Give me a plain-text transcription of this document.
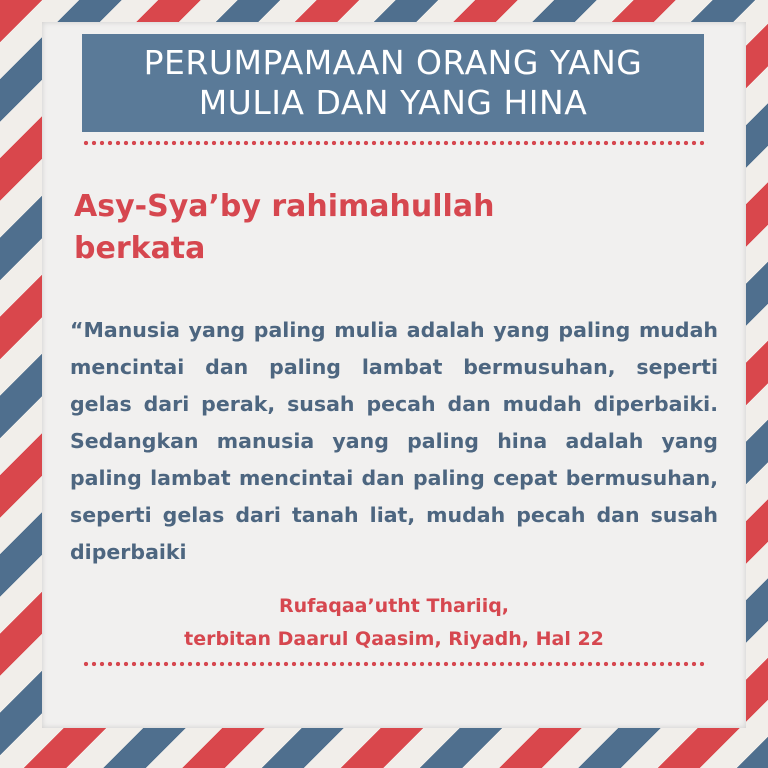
PERUMPAMAAN ORANG YANG
MULIA DAN YANG HINA
Asy-Sya’by rahimahullah
berkata
“Manusia yang paling mulia adalah yang paling mudah mencintai dan paling lambat bermusuhan, seperti gelas dari perak, susah pecah dan mudah diperbaiki. Sedangkan manusia yang paling hina adalah yang paling lambat mencintai dan paling cepat bermusuhan, seperti gelas dari tanah liat, mudah pecah dan susah diperbaiki
Rufaqaa’utht Thariiq,
terbitan Daarul Qaasim, Riyadh, Hal 22
